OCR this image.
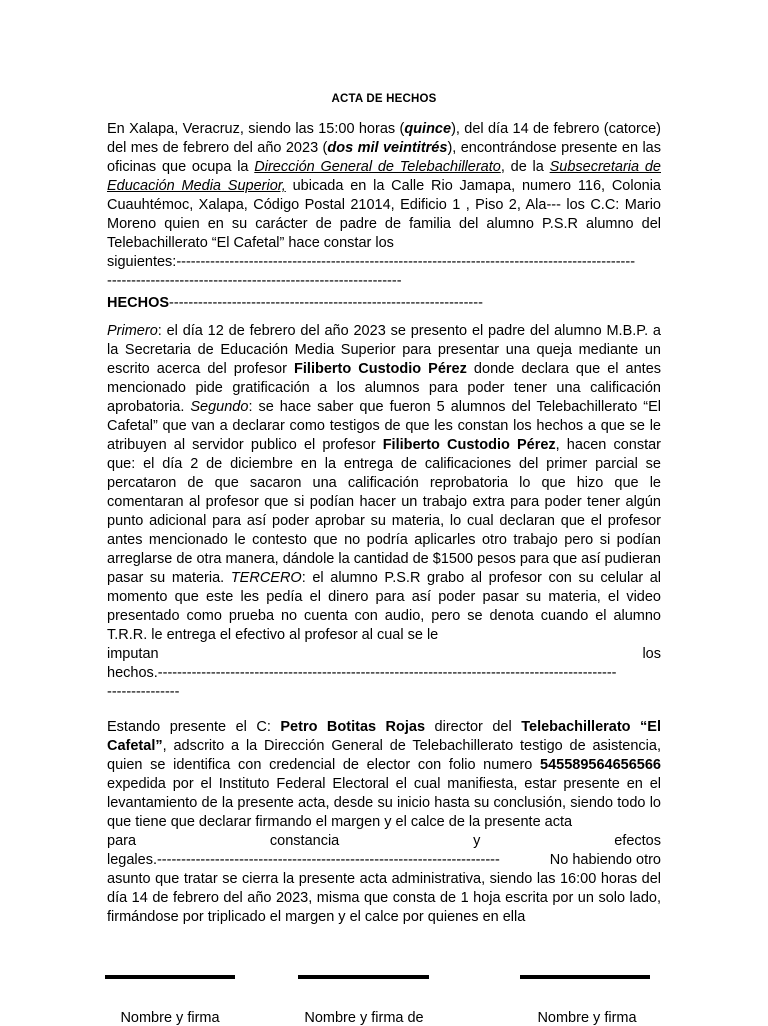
ACTA DE HECHOS

En Xalapa, Veracruz, siendo las 15:00 horas (quince), del día 14 de febrero (catorce) del mes de febrero del año 2023 (dos mil veintitrés), encontrándose presente en las oficinas que ocupa la Dirección General de Telebachillerato, de la Subsecretaria de Educación Media Superior, ubicada en la Calle Rio Jamapa, numero 116, Colonia Cuauhtémoc, Xalapa, Código Postal 21014, Edificio 1 , Piso 2, Ala--- los C.C: Mario Moreno quien en su carácter de padre de familia del alumno P.S.R alumno del Telebachillerato “El Cafetal” hace constar los

siguientes:-----------------------------------------------------------------------------------------------
-------------------------------------------------------------
HECHOS-----------------------------------------------------------------

Primero: el día 12 de febrero del año 2023 se presento el padre del alumno M.B.P. a la Secretaria de Educación Media Superior para presentar una queja mediante un escrito acerca del profesor Filiberto Custodio Pérez donde declara que el antes mencionado pide gratificación a los alumnos para poder tener una calificación aprobatoria. Segundo: se hace saber que fueron 5 alumnos del Telebachillerato “El Cafetal” que van a declarar como testigos de que les constan los hechos a que se le atribuyen al servidor publico el profesor Filiberto Custodio Pérez, hacen constar que: el día 2 de diciembre en la entrega de calificaciones del primer parcial se percataron de que sacaron una calificación reprobatoria lo que hizo que le comentaran al profesor que si podían hacer un trabajo extra para poder tener algún punto adicional para así poder aprobar su materia, lo cual declaran que el profesor antes mencionado le contesto que no podría aplicarles otro trabajo pero si podían arreglarse de otra manera, dándole la cantidad de $1500 pesos para que así pudieran pasar su materia. TERCERO: el alumno P.S.R grabo al profesor con su celular al momento que este les pedía el dinero para así poder pasar su materia, el video presentado como prueba no cuenta con audio, pero se denota cuando el alumno T.R.R. le entrega el efectivo al profesor al cual se le

imputan	los
hechos.-----------------------------------------------------------------------------------------------
---------------

Estando presente el C: Petro Botitas Rojas director del Telebachillerato “El Cafetal”, adscrito a la Dirección General de Telebachillerato testigo de asistencia, quien se identifica con credencial de elector con folio numero 545589564656566 expedida por el Instituto Federal Electoral el cual manifiesta, estar presente en el levantamiento de la presente acta, desde su inicio hasta su conclusión, siendo todo lo que tiene que declarar firmando el margen y el calce de la presente acta

para	constancia	y	efectos
legales.-----------------------------------------------------------------------	No habiendo otro

asunto que tratar se cierra la presente acta administrativa, siendo las 16:00 horas del día 14 de febrero del año 2023, misma que consta de 1 hoja escrita por un solo lado, firmándose por triplicado el margen y el calce por quienes en ella

Nombre y firma	Nombre y firma de	Nombre y firma
